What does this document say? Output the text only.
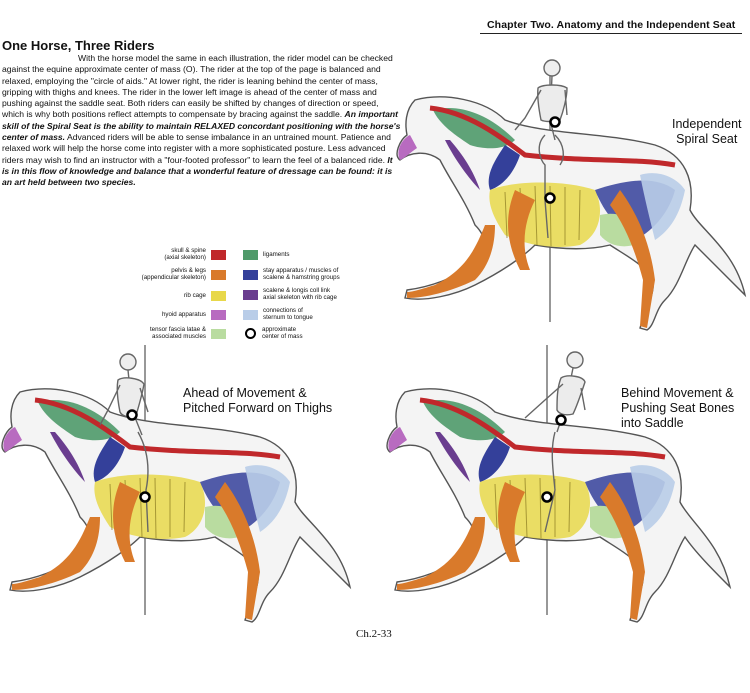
Chapter Two. Anatomy and the Independent Seat
One Horse, Three Riders

With the horse model the same in each illustration, the rider model can be checked against the equine approximate center of mass (O). The rider at the top of the page is balanced and relaxed, employing the "circle of aids." At lower right, the rider is leaning behind the center of mass, gripping with thighs and knees. The rider in the lower left image is ahead of the center of mass and pushing against the saddle seat. Both riders can easily be shifted by changes of direction or speed, which is why both positions reflect attempts to compensate by bracing against the saddle. An important skill of the Spiral Seat is the ability to maintain RELAXED concordant positioning with the horse's center of mass. Advanced riders will be able to sense imbalance in an untrained mount. Patience and relaxed work will help the horse come into register with a more sophisticated posture. Less advanced riders may wish to find an instructor with a "four-footed professor" to learn the feel of a balanced ride. It is in this flow of knowledge and balance that a wonderful feature of dressage can be found: it is an art held between two species.

skull & spine
(axial skeleton)	ligaments
pelvis & legs
(appendicular skeleton)
stay apparatus / muscles of
scalene & hamstring groups
rib cage
scalene & longis coll link
axial skeleton with rib cage
hyoid apparatus
connections of
sternum to tongue
tensor fascia latae &
associated muscles
approximate
center of mass
Independent
Spiral Seat
Ahead of Movement &
Pitched Forward on Thighs
Behind Movement &
Pushing Seat Bones
into Saddle
Ch.2-33
